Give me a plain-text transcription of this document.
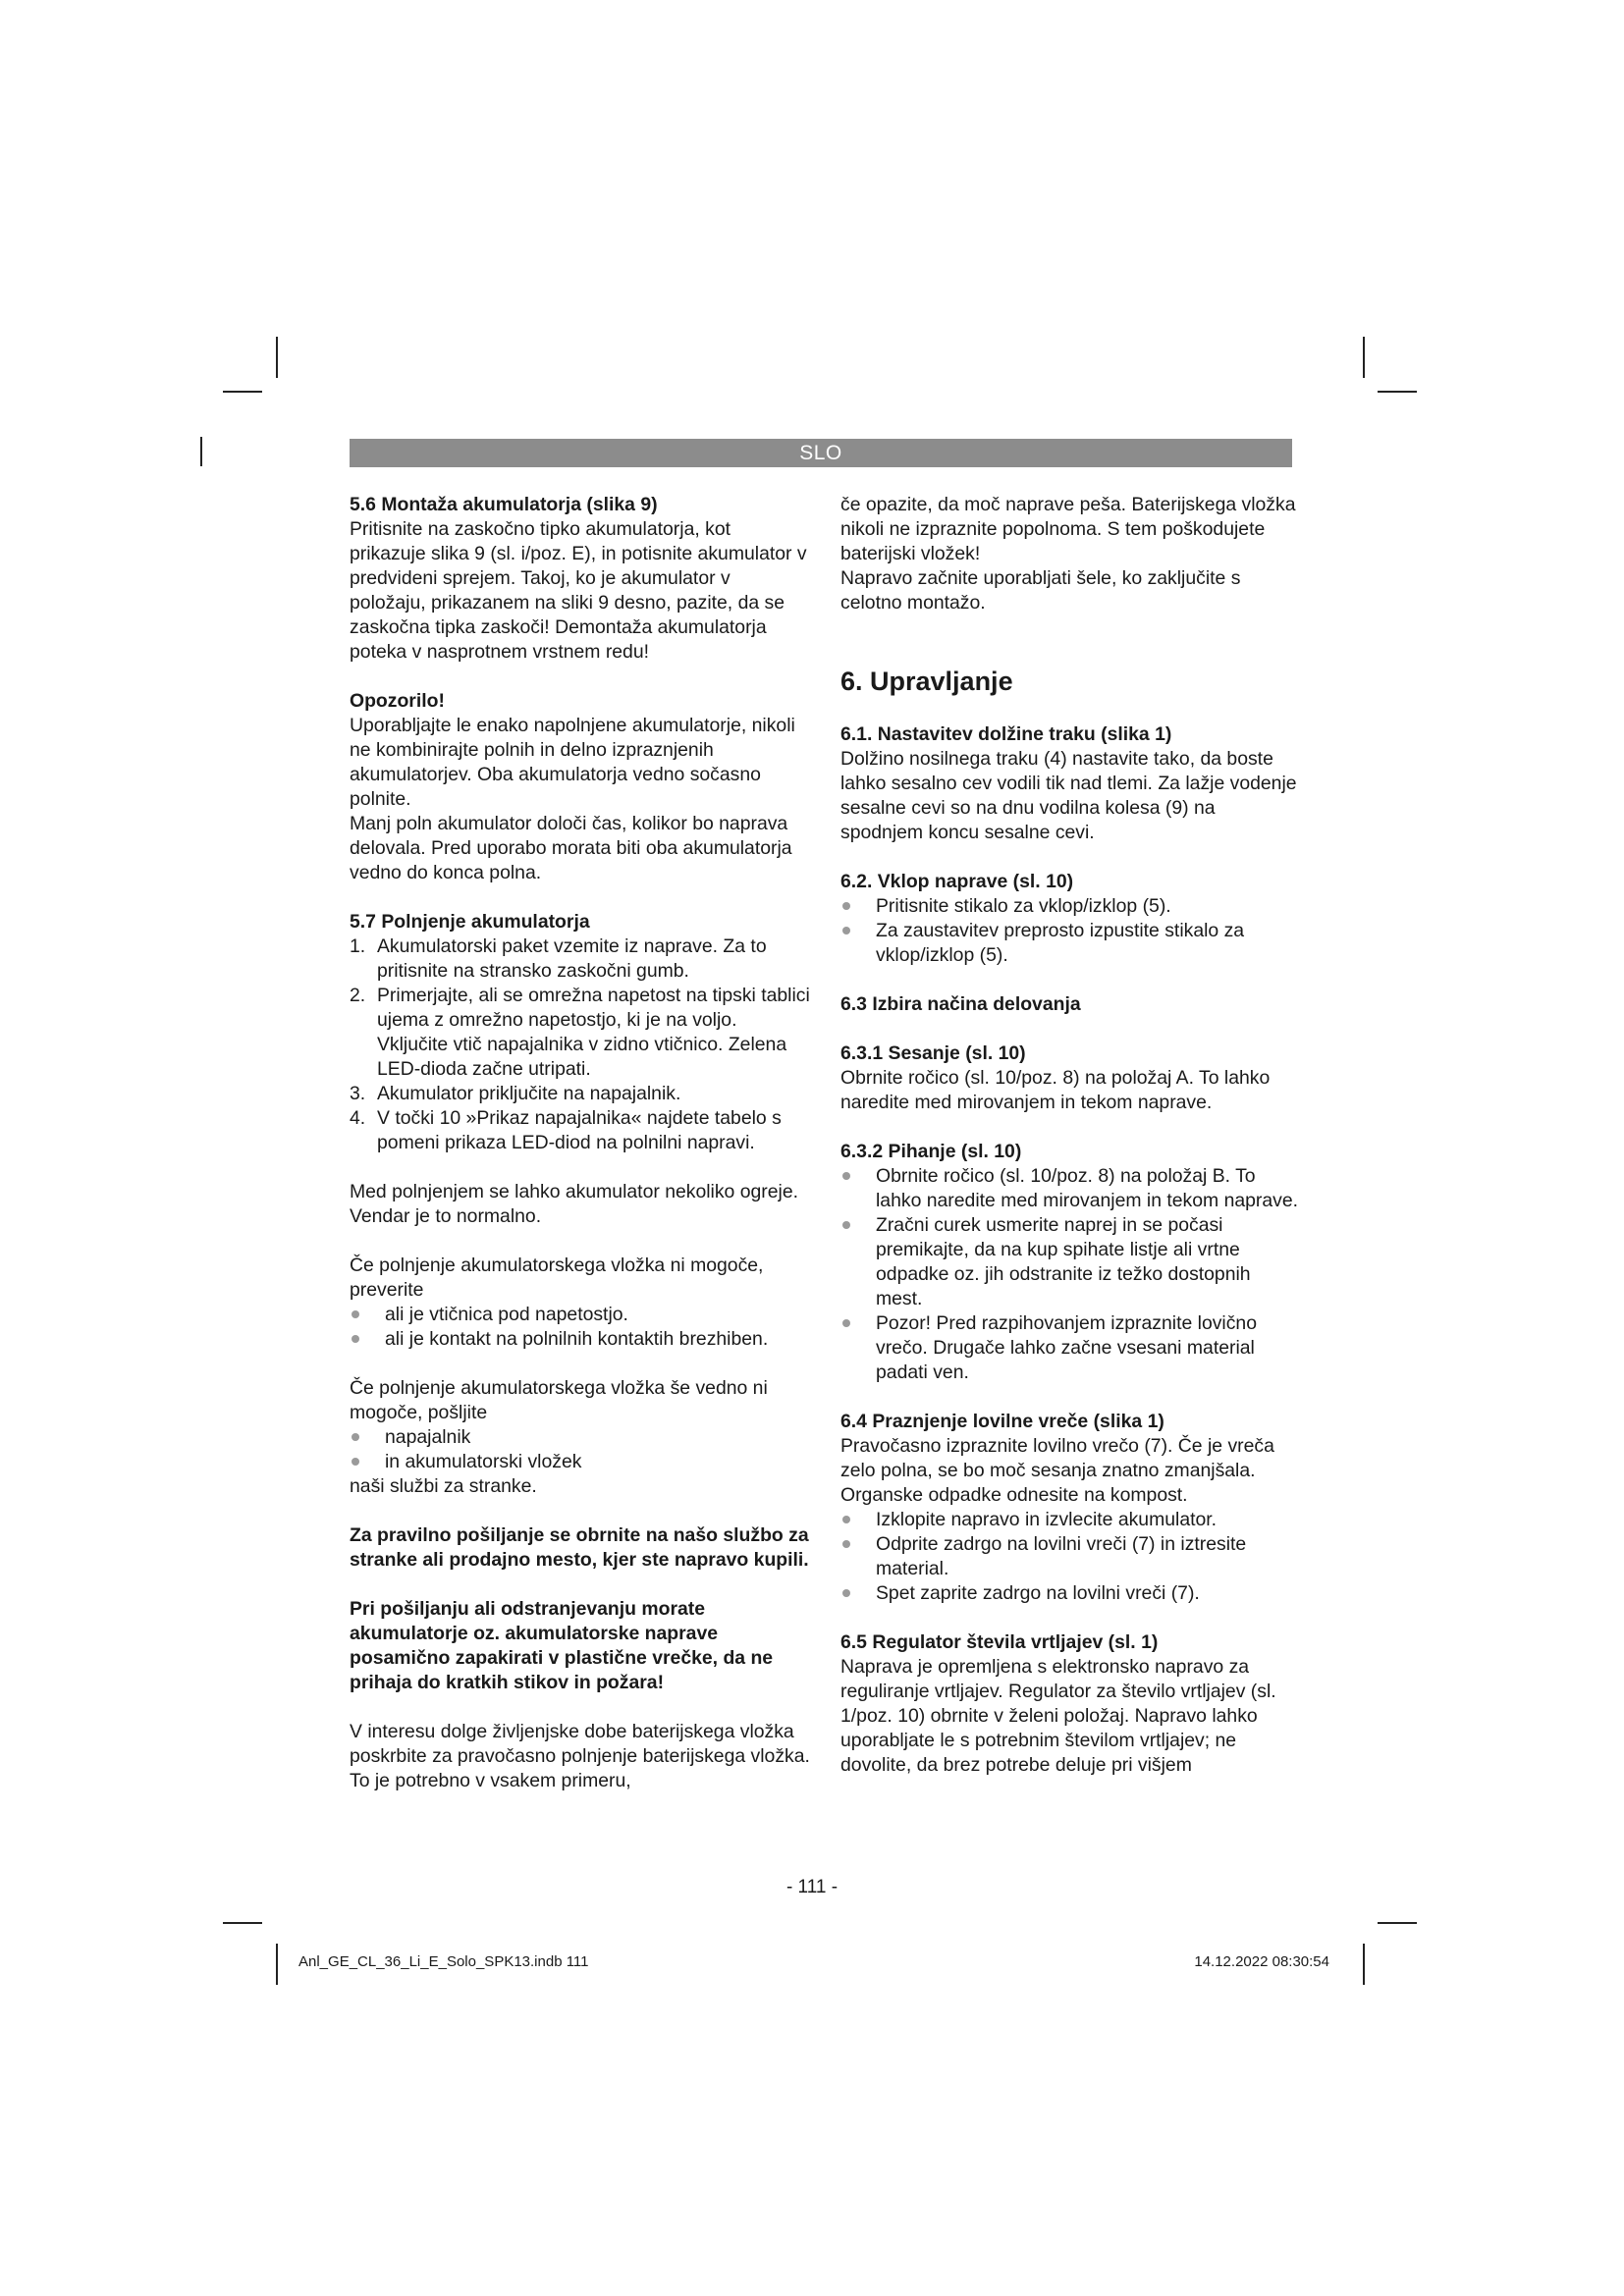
SLO

5.6 Montaža akumulatorja (slika 9)

Pritisnite na zaskočno tipko akumulatorja, kot prikazuje slika 9 (sl. i/poz. E), in potisnite akumulator v predvideni sprejem. Takoj, ko je akumulator v položaju, prikazanem na sliki 9 desno, pazite, da se zaskočna tipka zaskoči! Demontaža akumulatorja poteka v nasprotnem vrstnem redu!

Opozorilo!

Uporabljajte le enako napolnjene akumulatorje, nikoli ne kombinirajte polnih in delno izpraznjenih akumulatorjev. Oba akumulatorja vedno sočasno polnite.

Manj poln akumulator določi čas, kolikor bo naprava delovala. Pred uporabo morata biti oba akumulatorja vedno do konca polna.

5.7 Polnjenje akumulatorja

1. Akumulatorski paket vzemite iz naprave. Za to pritisnite na stransko zaskočni gumb.
2. Primerjajte, ali se omrežna napetost na tipski tablici ujema z omrežno napetostjo, ki je na voljo. Vključite vtič napajalnika v zidno vtičnico. Zelena LED-dioda začne utripati.
3. Akumulator priključite na napajalnik.
4. V točki 10 »Prikaz napajalnika« najdete tabelo s pomeni prikaza LED-diod na polnilni napravi.

Med polnjenjem se lahko akumulator nekoliko ogreje. Vendar je to normalno.

Če polnjenje akumulatorskega vložka ni mogoče, preverite

ali je vtičnica pod napetostjo.
ali je kontakt na polnilnih kontaktih brezhiben.

Če polnjenje akumulatorskega vložka še vedno ni mogoče, pošljite

napajalnik
in akumulatorski vložek

naši službi za stranke.

Za pravilno pošiljanje se obrnite na našo službo za stranke ali prodajno mesto, kjer ste napravo kupili.

Pri pošiljanju ali odstranjevanju morate akumulatorje oz. akumulatorske naprave posamično zapakirati v plastične vrečke, da ne prihaja do kratkih stikov in požara!

V interesu dolge življenjske dobe baterijskega vložka poskrbite za pravočasno polnjenje baterijskega vložka. To je potrebno v vsakem primeru,

če opazite, da moč naprave peša. Baterijskega vložka nikoli ne izpraznite popolnoma. S tem poškodujete baterijski vložek!

Napravo začnite uporabljati šele, ko zaključite s celotno montažo.

6. Upravljanje

6.1. Nastavitev dolžine traku (slika 1)

Dolžino nosilnega traku (4) nastavite tako, da boste lahko sesalno cev vodili tik nad tlemi. Za lažje vodenje sesalne cevi so na dnu vodilna kolesa (9) na spodnjem koncu sesalne cevi.

6.2. Vklop naprave (sl. 10)

Pritisnite stikalo za vklop/izklop (5).
Za zaustavitev preprosto izpustite stikalo za vklop/izklop (5).

6.3 Izbira načina delovanja

6.3.1 Sesanje (sl. 10)

Obrnite ročico (sl. 10/poz. 8) na položaj A. To lahko naredite med mirovanjem in tekom naprave.

6.3.2 Pihanje (sl. 10)

Obrnite ročico (sl. 10/poz. 8) na položaj B. To lahko naredite med mirovanjem in tekom naprave.
Zračni curek usmerite naprej in se počasi premikajte, da na kup spihate listje ali vrtne odpadke oz. jih odstranite iz težko dostopnih mest.
Pozor! Pred razpihovanjem izpraznite lovično vrečo. Drugače lahko začne vsesani material padati ven.

6.4 Praznjenje lovilne vreče (slika 1)

Pravočasno izpraznite lovilno vrečo (7). Če je vreča zelo polna, se bo moč sesanja znatno zmanjšala. Organske odpadke odnesite na kompost.

Izklopite napravo in izvlecite akumulator.
Odprite zadrgo na lovilni vreči (7) in iztresite material.
Spet zaprite zadrgo na lovilni vreči (7).

6.5 Regulator števila vrtljajev (sl. 1)

Naprava je opremljena s elektronsko napravo za reguliranje vrtljajev. Regulator za število vrtljajev (sl. 1/poz. 10) obrnite v želeni položaj. Napravo lahko uporabljate le s potrebnim številom vrtljajev; ne dovolite, da brez potrebe deluje pri višjem

- 111 -
Anl_GE_CL_36_Li_E_Solo_SPK13.indb 111	14.12.2022 08:30:54
